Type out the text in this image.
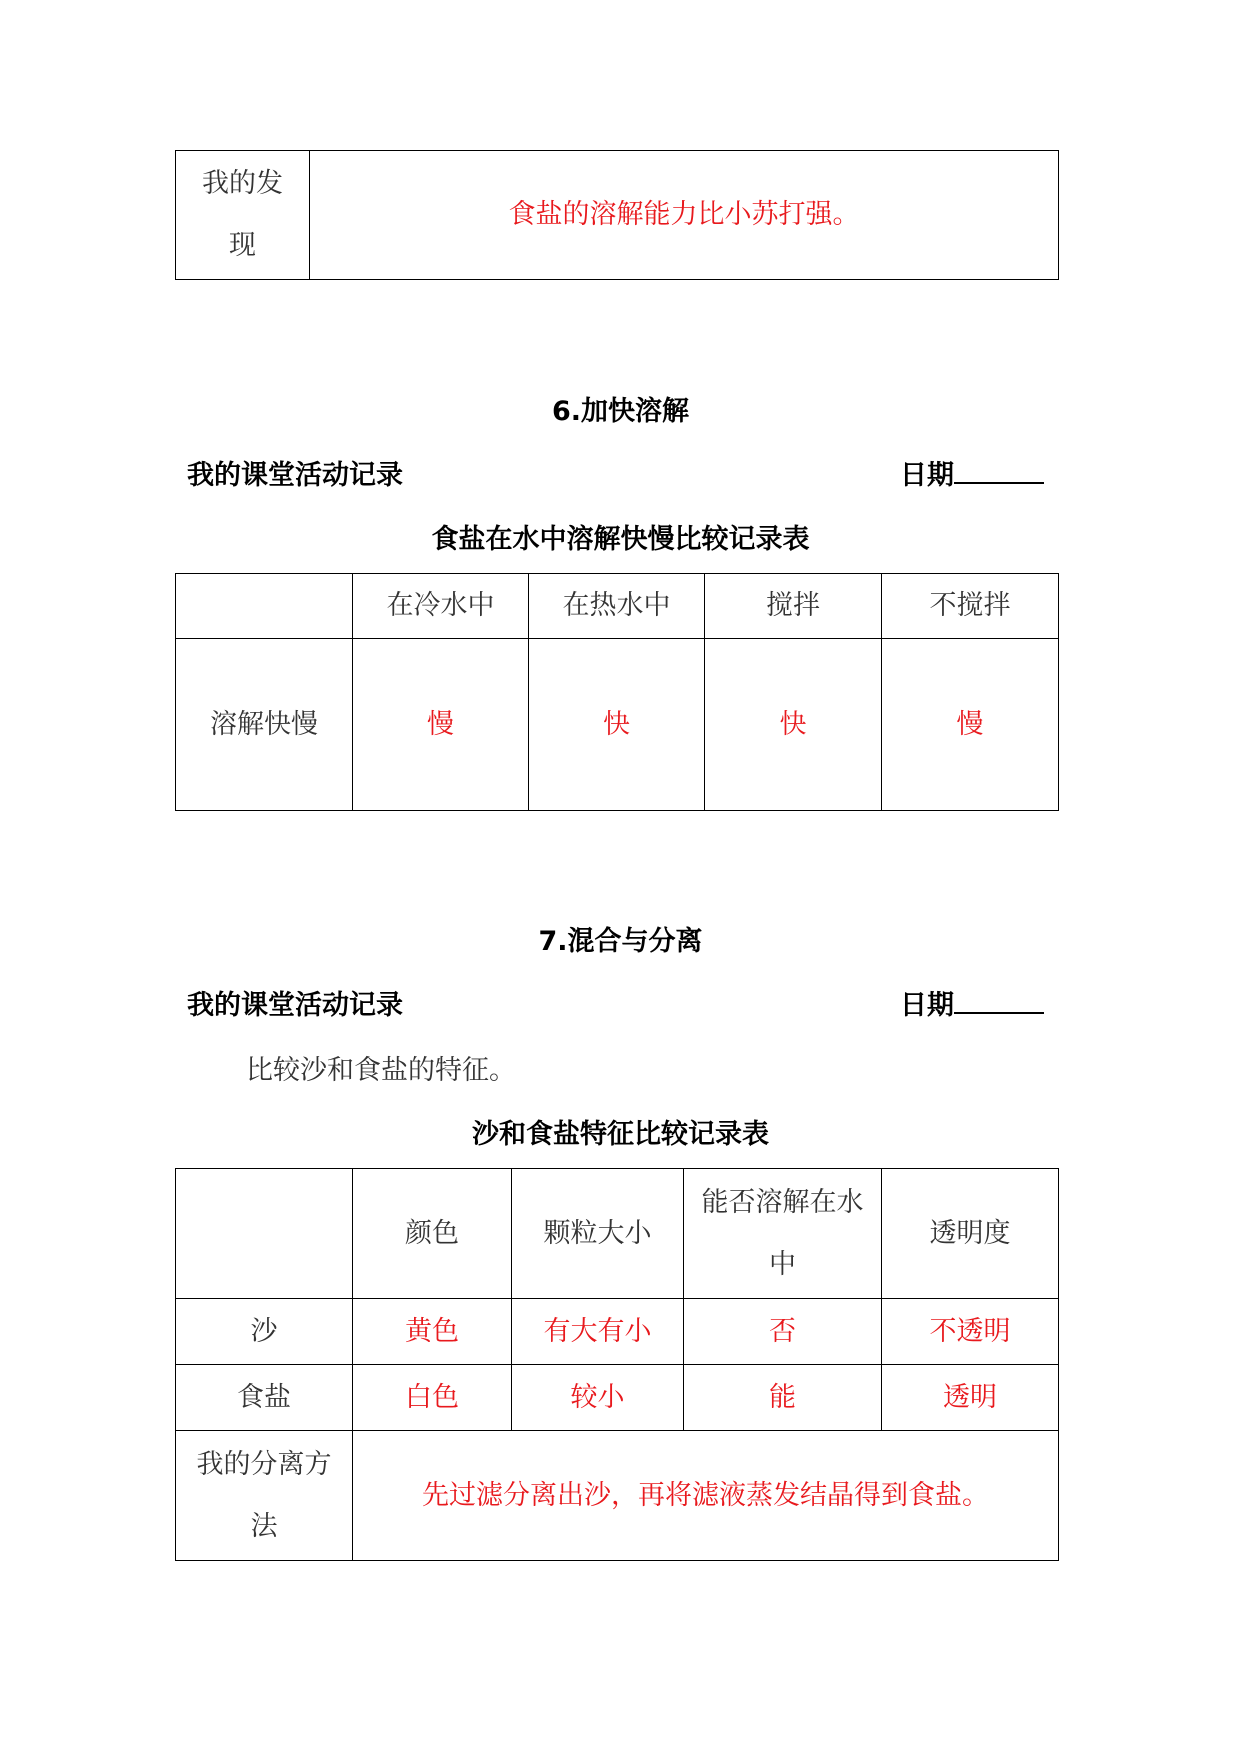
我的发
现
	食盐的溶解能力比小苏打强。
6.加快溶解
我的课堂活动记录	日期
食盐在水中溶解快慢比较记录表
	在冷水中	在热水中	搅拌	不搅拌
溶解快慢	慢	快	快	慢
7.混合与分离
我的课堂活动记录	日期
比较沙和食盐的特征。
沙和食盐特征比较记录表
	颜色	颗粒大小	能否溶解在水
中	透明度
沙	黄色	有大有小	否	不透明
食盐	白色	较小	能	透明

我的分离方
法	先过滤分离出沙，再将滤液蒸发结晶得到食盐。			
